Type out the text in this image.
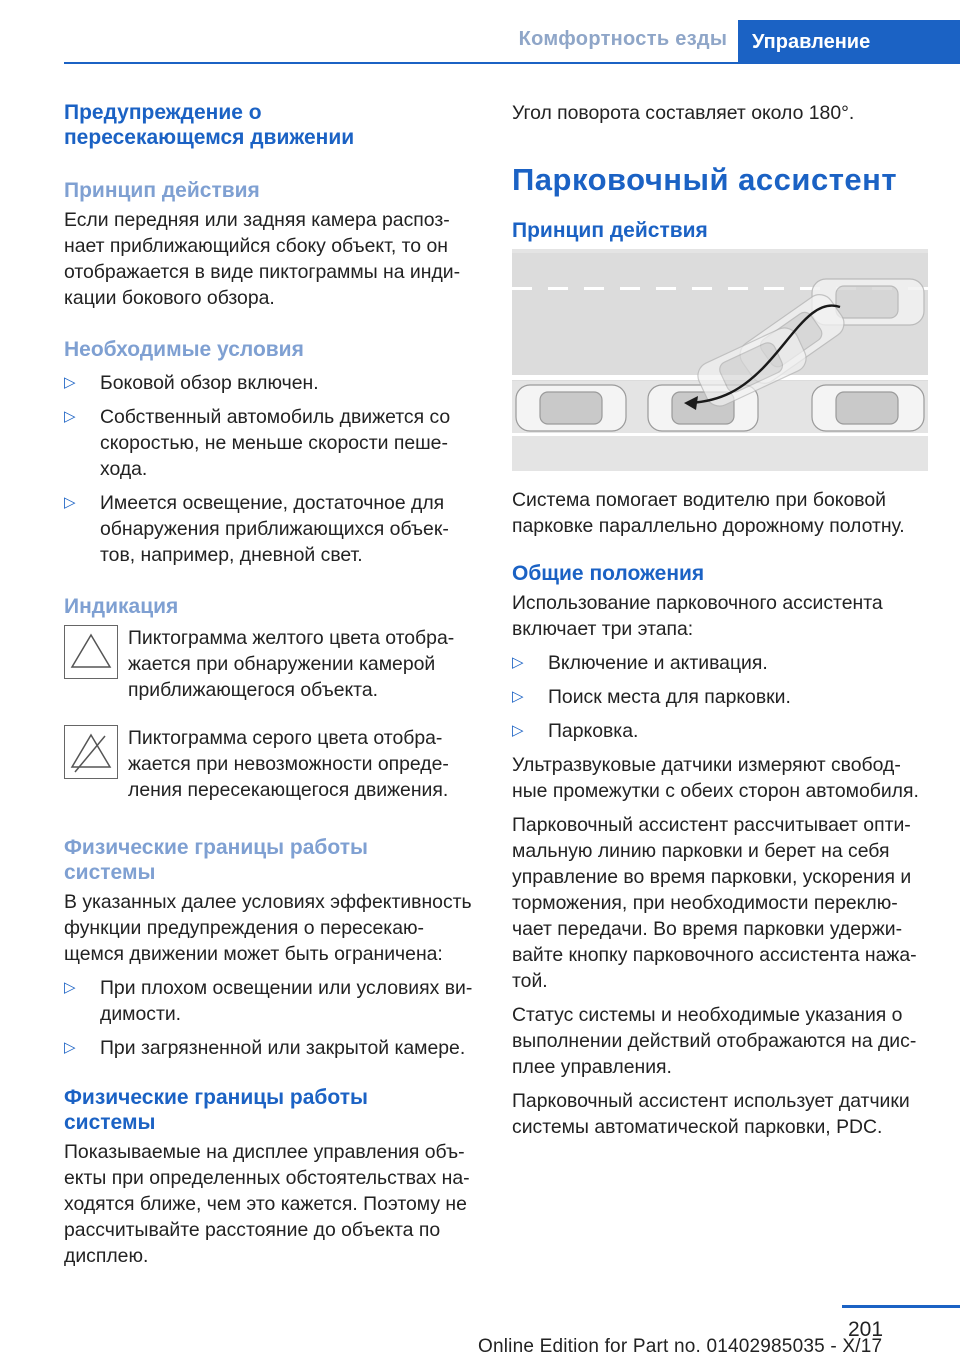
Комфортность езды	Управление
Предупреждение о пересекающемся движении
Принцип действия

Если передняя или задняя камера распоз-нает приближающийся сбоку объект, то он отображается в виде пиктограммы на инди-кации бокового обзора.

Необходимые условия
▷ Боковой обзор включен.
▷ Собственный автомобиль движется со скоростью, не меньше скорости пеше-хода.
▷ Имеется освещение, достаточное для обнаружения приближающихся объек-тов, например, дневной свет.
Индикация

Пиктограмма желтого цвета отобра-жается при обнаружении камерой приближающегося объекта.

Пиктограмма серого цвета отобра-жается при невозможности опреде-ления пересекающегося движения.

Физические границы работы системы

В указанных далее условиях эффективность функции предупреждения о пересекаю-щемся движении может быть ограничена:

▷ При плохом освещении или условиях ви-димости.
▷ При загрязненной или закрытой камере.
Физические границы работы системы

Показываемые на дисплее управления объ-екты при определенных обстоятельствах на-ходятся ближе, чем это кажется. Поэтому не рассчитывайте расстояние до объекта по дисплею.

Угол поворота составляет около 180°.

Парковочный ассистент
Принцип действия

Система помогает водителю при боковой парковке параллельно дорожному полотну.

Общие положения

Использование парковочного ассистента включает три этапа:

▷ Включение и активация.
▷ Поиск места для парковки.
▷ Парковка.

Ультразвуковые датчики измеряют свобод-ные промежутки с обеих сторон автомобиля.

Парковочный ассистент рассчитывает опти-мальную линию парковки и берет на себя управление во время парковки, ускорения и торможения, при необходимости переклю-чает передачи. Во время парковки удержи-вайте кнопку парковочного ассистента нажа-той.

Статус системы и необходимые указания о выполнении действий отображаются на дис-плее управления.

Парковочный ассистент использует датчики системы автоматической парковки, PDC.

201
Online Edition for Part no. 01402985035 - X/17
